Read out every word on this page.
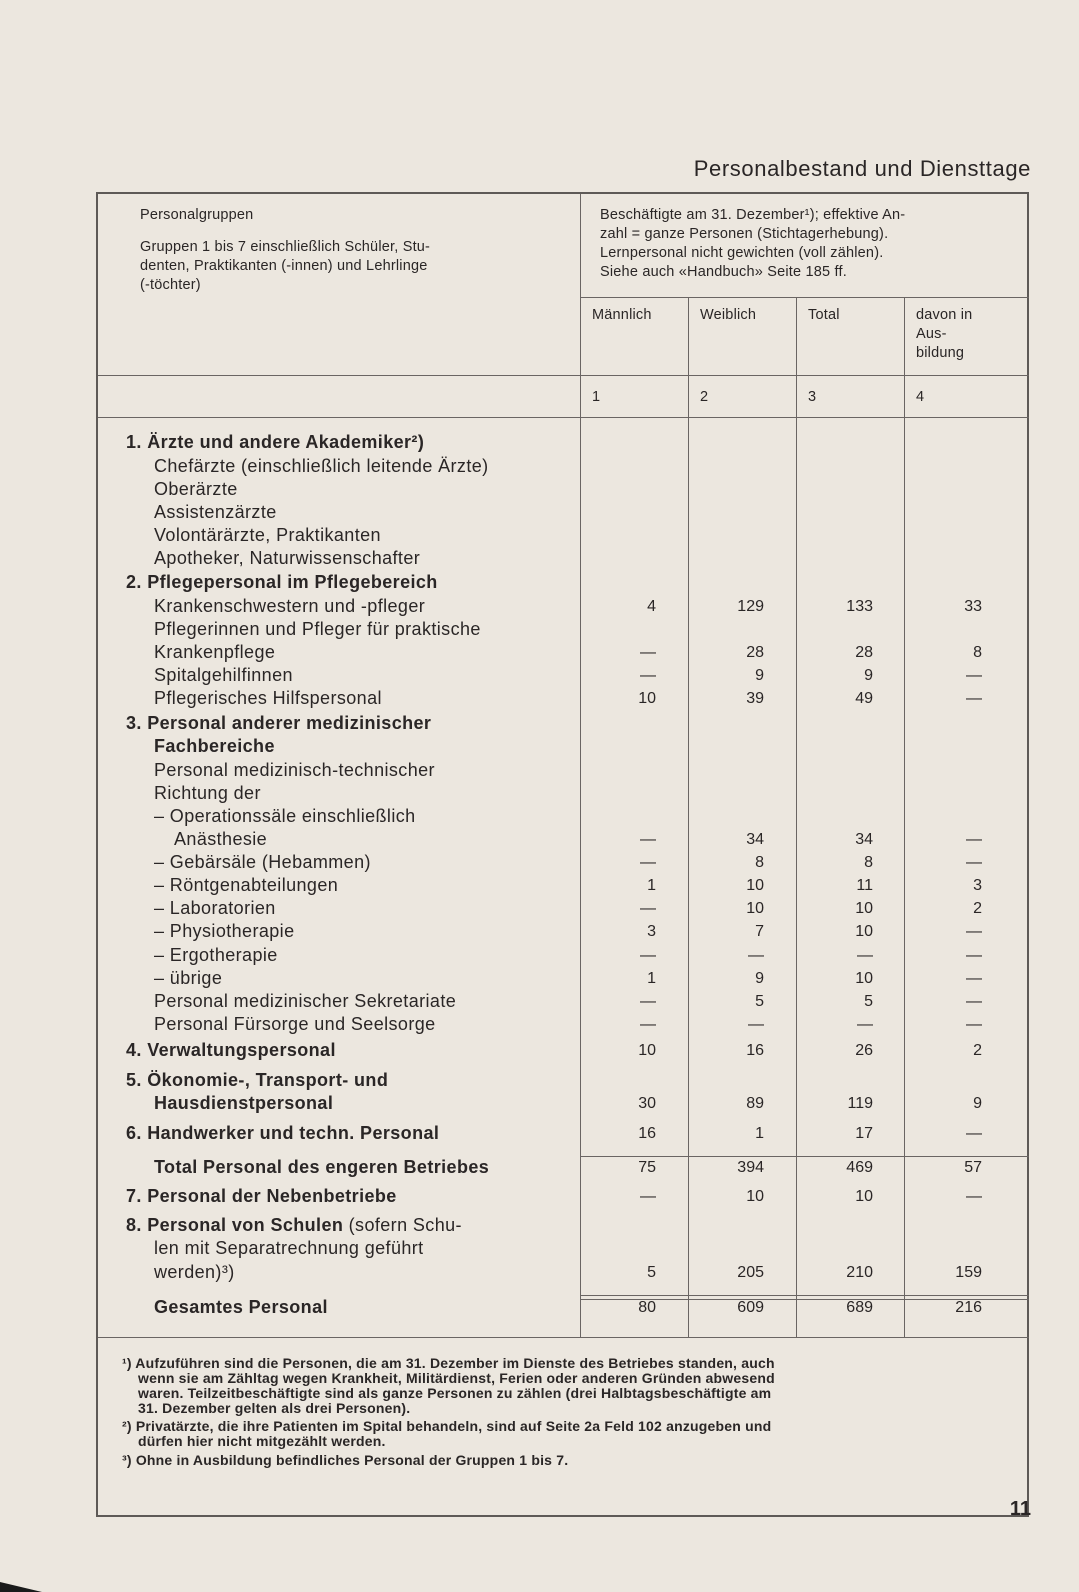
Personalbestand und Diensttage
Personalgruppen
Gruppen 1 bis 7 einschließlich Schüler, Stu-
denten, Praktikanten (-innen) und Lehrlinge
(-töchter)
Beschäftigte am 31. Dezember¹); effektive An-
zahl = ganze Personen (Stichtagerhebung).
Lernpersonal nicht gewichten (voll zählen).
Siehe auch «Handbuch» Seite 185 ff.
Männlich	Weiblich	Total	davon in
Aus-
bildung
1	2	3	4
1. Ärzte und andere Akademiker²)
Chefärzte (einschließlich leitende Ärzte)
Oberärzte
Assistenzärzte
Volontärärzte, Praktikanten
Apotheker, Naturwissenschafter
2. Pflegepersonal im Pflegebereich
Krankenschwestern und -pfleger	4	129	133	33
Pflegerinnen und Pfleger für praktische
Krankenpflege	—	28	28	8
Spitalgehilfinnen	—	9	9	—
Pflegerisches Hilfspersonal	10	39	49	—
3. Personal anderer medizinischer
Fachbereiche
Personal medizinisch-technischer
Richtung der
– Operationssäle einschließlich
Anästhesie	—	34	34	—
– Gebärsäle (Hebammen)	—	8	8	—
– Röntgenabteilungen	1	10	11	3
– Laboratorien	—	10	10	2
– Physiotherapie	3	7	10	—
– Ergotherapie	—	—	—	—
– übrige	1	9	10	—
Personal medizinischer Sekretariate	—	5	5	—
Personal Fürsorge und Seelsorge	—	—	—	—
4. Verwaltungspersonal	10	16	26	2
5. Ökonomie-, Transport- und
Hausdienstpersonal	30	89	119	9
6. Handwerker und techn. Personal	16	1	17	—
Total Personal des engeren Betriebes	75	394	469	57
7. Personal der Nebenbetriebe	—	10	10	—
8. Personal von Schulen (sofern Schu-
len mit Separatrechnung geführt
werden)³)	5	205	210	159
Gesamtes Personal	80	609	689	216
¹) Aufzuführen sind die Personen, die am 31. Dezember im Dienste des Betriebes standen, auch
wenn sie am Zähltag wegen Krankheit, Militärdienst, Ferien oder anderen Gründen abwesend
waren. Teilzeitbeschäftigte sind als ganze Personen zu zählen (drei Halbtagsbeschäftigte am
31. Dezember gelten als drei Personen).
²) Privatärzte, die ihre Patienten im Spital behandeln, sind auf Seite 2a Feld 102 anzugeben und
dürfen hier nicht mitgezählt werden.
³) Ohne in Ausbildung befindliches Personal der Gruppen 1 bis 7.
11
